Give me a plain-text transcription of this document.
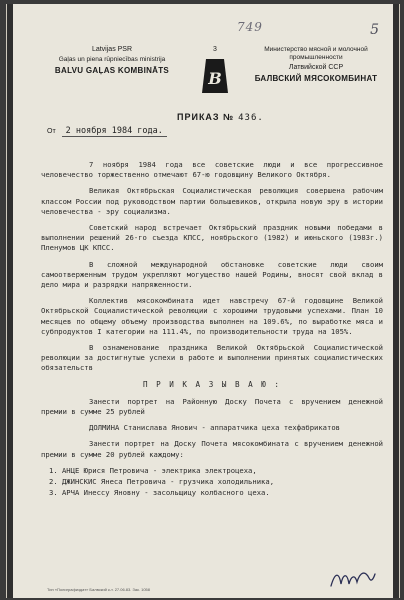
749	5
Latvijas PSR
Gaļas un piena rūpniecības ministrija
BALVU GAĻAS KOMBINĀTS
3
B
Министерство мясной и молочной промышленности
Латвийской ССР
БАЛВСКИЙ МЯСОКОМБИНАТ
ПРИКАЗ № 436.
От 2 ноября 1984 года.

7 ноября 1984 года все советские люди и все прогрессивное человечество торжественно отмечают 67-ю годовщину Великого Октября.

Великая Октябрьская Социалистическая революция совершена рабочим классом России под руководством партии большевиков, открыла новую эру в истории человечества - эру социализма.

Советский народ встречает Октябрьский праздник новыми победами в выполнении решений 26-го съезда КПСС, ноябрьского (1982) и июньского (1983г.) Пленумов ЦК КПСС.

В сложной международной обстановке советские люди своим самоотверженным трудом укрепляют могущество нашей Родины, вносят свой вклад в дело мира и разрядки напряженности.

Коллектив мясокомбината идет навстречу 67-й годовщине Великой Октябрьской Социалистической революции с хорошими трудовыми успехами. План 10 месяцев по общему объему производства выполнен на 109.6%, по выработке мяса и субпродуктов I категории на 111.4%, по производительности труда на 105%.

В ознаменование праздника Великой Октябрьской Социалистической революции за достигнутые успехи в работе и выполнении принятых социалистических обязательств

П Р И К А З Ы В А Ю :

Занести портрет на Районную Доску Почета с вручением денежной премии в сумме 25 рублей

ДОЛМИНА Станислава Янович - аппаратчика цеха техфабрикатов

Занести портрет на Доску Почета мясокомбината с вручением денежной премии в сумме 20 рублей каждому:

1. АНЦЕ Юрися Петровича - электрика электроцеха,

2. ДЖИНСКИС Янеса Петровича - грузчика холодильника,

3. АРЧА Инессу Яновну - засольщицу колбасного цеха.

Тип «Полиграфиздат» Балвский к-т. 27.06.83. Зак. 1058
